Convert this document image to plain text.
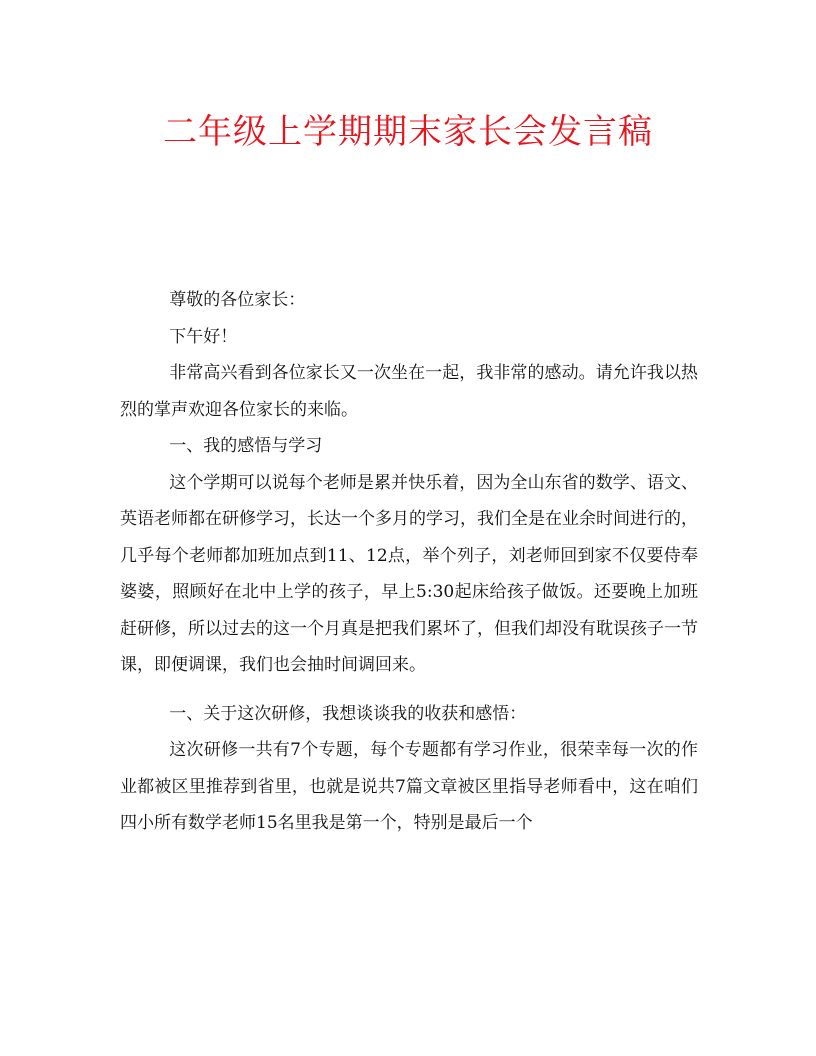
二年级上学期期末家长会发言稿

尊敬的各位家长：

下午好！

非常高兴看到各位家长又一次坐在一起，我非常的感动。请允许我以热烈的掌声欢迎各位家长的来临。

一、我的感悟与学习

这个学期可以说每个老师是累并快乐着，因为全山东省的数学、语文、英语老师都在研修学习，长达一个多月的学习，我们全是在业余时间进行的，几乎每个老师都加班加点到11、12点，举个列子，刘老师回到家不仅要侍奉婆婆，照顾好在北中上学的孩子，早上5:30起床给孩子做饭。还要晚上加班赶研修，所以过去的这一个月真是把我们累坏了，但我们却没有耽误孩子一节课，即便调课，我们也会抽时间调回来。

一、关于这次研修，我想谈谈我的收获和感悟：

这次研修一共有7个专题，每个专题都有学习作业，很荣幸每一次的作业都被区里推荐到省里，也就是说共7篇文章被区里指导老师看中，这在咱们四小所有数学老师15名里我是第一个，特别是最后一个
